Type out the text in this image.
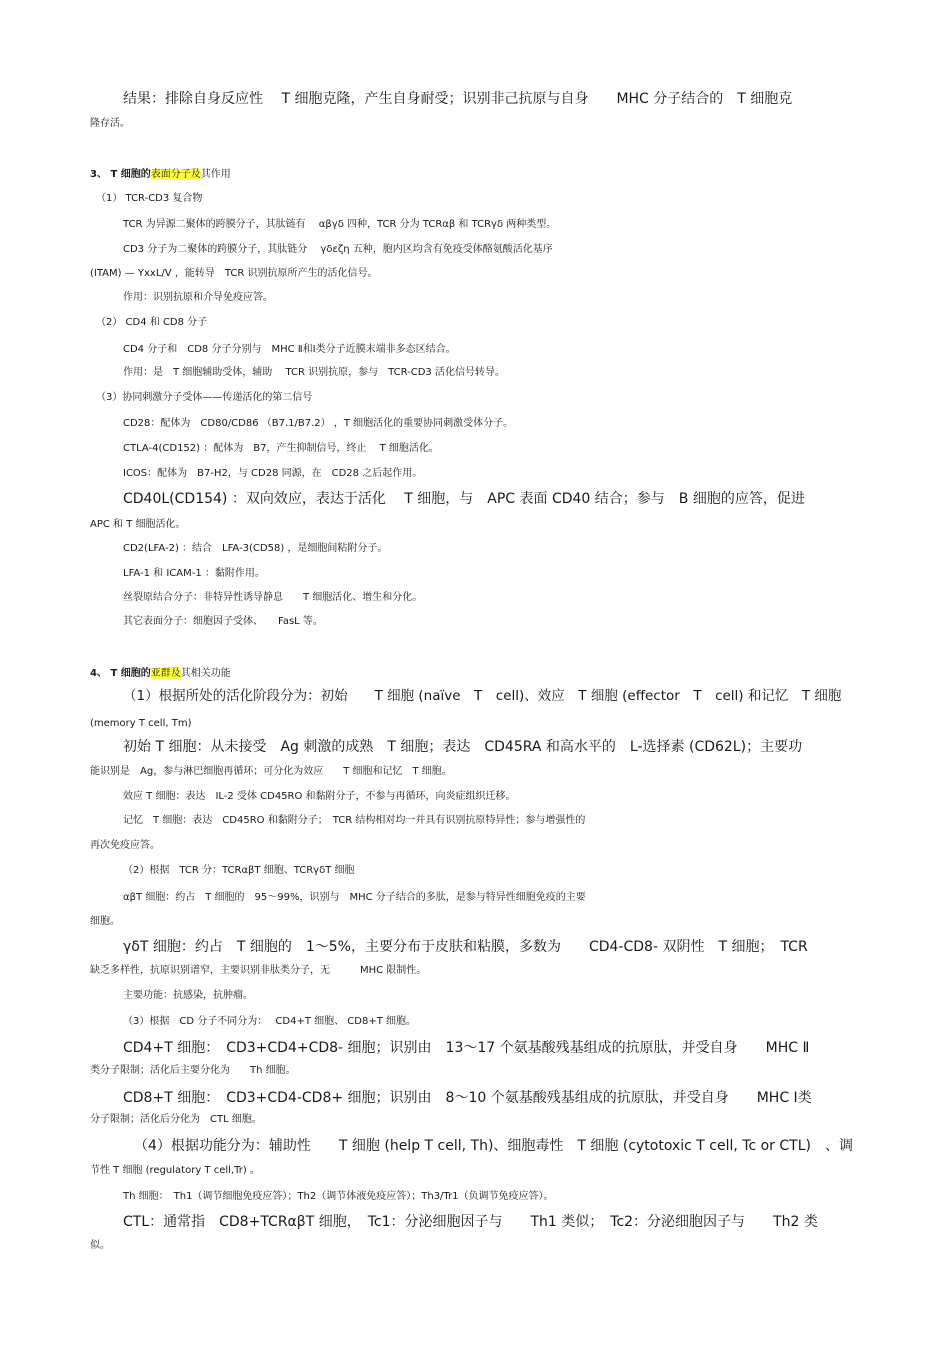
结果：排除自身反应性　 T 细胞克隆，产生自身耐受；识别非己抗原与自身　　MHC 分子结合的　T 细胞克
隆存活。
3、 T 细胞的表面分子及其作用
（1） TCR-CD3 复合物
TCR 为异源二聚体的跨膜分子，其肽链有　 αβγδ 四种，TCR 分为 TCRαβ 和 TCRγδ 两种类型。
CD3 分子为二聚体的跨膜分子，其肽链分　 γδεζη 五种，胞内区均含有免疫受体酪氨酸活化基序
(ITAM) — YxxL/V ，能转导　TCR 识别抗原所产生的活化信号。
作用：识别抗原和介导免疫应答。
（2） CD4 和 CD8 分子
CD4 分子和　CD8 分子分别与　MHC Ⅱ和Ⅰ类分子近膜末端非多态区结合。
作用：是　T 细胞辅助受体，辅助　 TCR 识别抗原，参与　TCR-CD3 活化信号转导。
（3）协同刺激分子受体——传递活化的第二信号
CD28：配体为　CD80/CD86 （B7.1/B7.2） ，T 细胞活化的重要协同刺激受体分子。
CTLA-4(CD152) ：配体为　B7，产生抑制信号，终止　 T 细胞活化。
ICOS：配体为　B7-H2，与 CD28 同源，在　CD28 之后起作用。
CD40L(CD154) ：双向效应，表达于活化　 T 细胞，与　APC 表面 CD40 结合；参与　B 细胞的应答，促进
APC 和 T 细胞活化。
CD2(LFA-2) ：结合　LFA-3(CD58) ，是细胞间粘附分子。
LFA-1 和 ICAM-1 ：黏附作用。
丝裂原结合分子：非特异性诱导静息　　T 细胞活化、增生和分化。
其它表面分子：细胞因子受体、　　FasL 等。
4、 T 细胞的亚群及其相关功能
（1）根据所处的活化阶段分为：初始　　T 细胞 (naïve　T　cell)、效应　T 细胞 (effector　T　cell) 和记忆　T 细胞
(memory T cell, Tm)
初始 T 细胞：从未接受　Ag 刺激的成熟　T 细胞；表达　CD45RA 和高水平的　L-选择素 (CD62L)；主要功
能识别是　Ag，参与淋巴细胞再循环；可分化为效应　　T 细胞和记忆　T 细胞。
效应 T 细胞：表达　IL-2 受体 CD45RO 和黏附分子，不参与再循环，向炎症组织迁移。
记忆　T 细胞：表达　CD45RO 和黏附分子；　TCR 结构相对均一并具有识别抗原特异性；参与增强性的
再次免疫应答。
（2）根据　TCR 分：TCRαβT 细胞、TCRγδT 细胞
αβT 细胞：约占　T 细胞的　95～99%，识别与　MHC 分子结合的多肽，是参与特异性细胞免疫的主要
细胞。
γδT 细胞：约占　T 细胞的　1～5%，主要分布于皮肤和粘膜，多数为　　CD4-CD8- 双阴性　T 细胞；　TCR
缺乏多样性，抗原识别谱窄，主要识别非肽类分子，无　　　MHC 限制性。
主要功能：抗感染，抗肿瘤。
（3）根据　CD 分子不同分为：　 CD4+T 细胞、 CD8+T 细胞。
CD4+T 细胞：　CD3+CD4+CD8- 细胞；识别由　13～17 个氨基酸残基组成的抗原肽，并受自身　　MHC Ⅱ
类分子限制；活化后主要分化为　　Th 细胞。
CD8+T 细胞：　CD3+CD4-CD8+ 细胞；识别由　8～10 个氨基酸残基组成的抗原肽，并受自身　　MHC Ⅰ类
分子限制；活化后分化为　CTL 细胞。
（4）根据功能分为：辅助性　　T 细胞 (help T cell, Th)、细胞毒性　T 细胞 (cytotoxic T cell, Tc or CTL)　、调
节性 T 细胞 (regulatory T cell,Tr) 。
Th 细胞：　Th1（调节细胞免疫应答）；Th2（调节体液免疫应答）；Th3/Tr1（负调节免疫应答）。
CTL：通常指　CD8+TCRαβT 细胞，　Tc1：分泌细胞因子与　　Th1 类似；　Tc2：分泌细胞因子与　　Th2 类
似。
